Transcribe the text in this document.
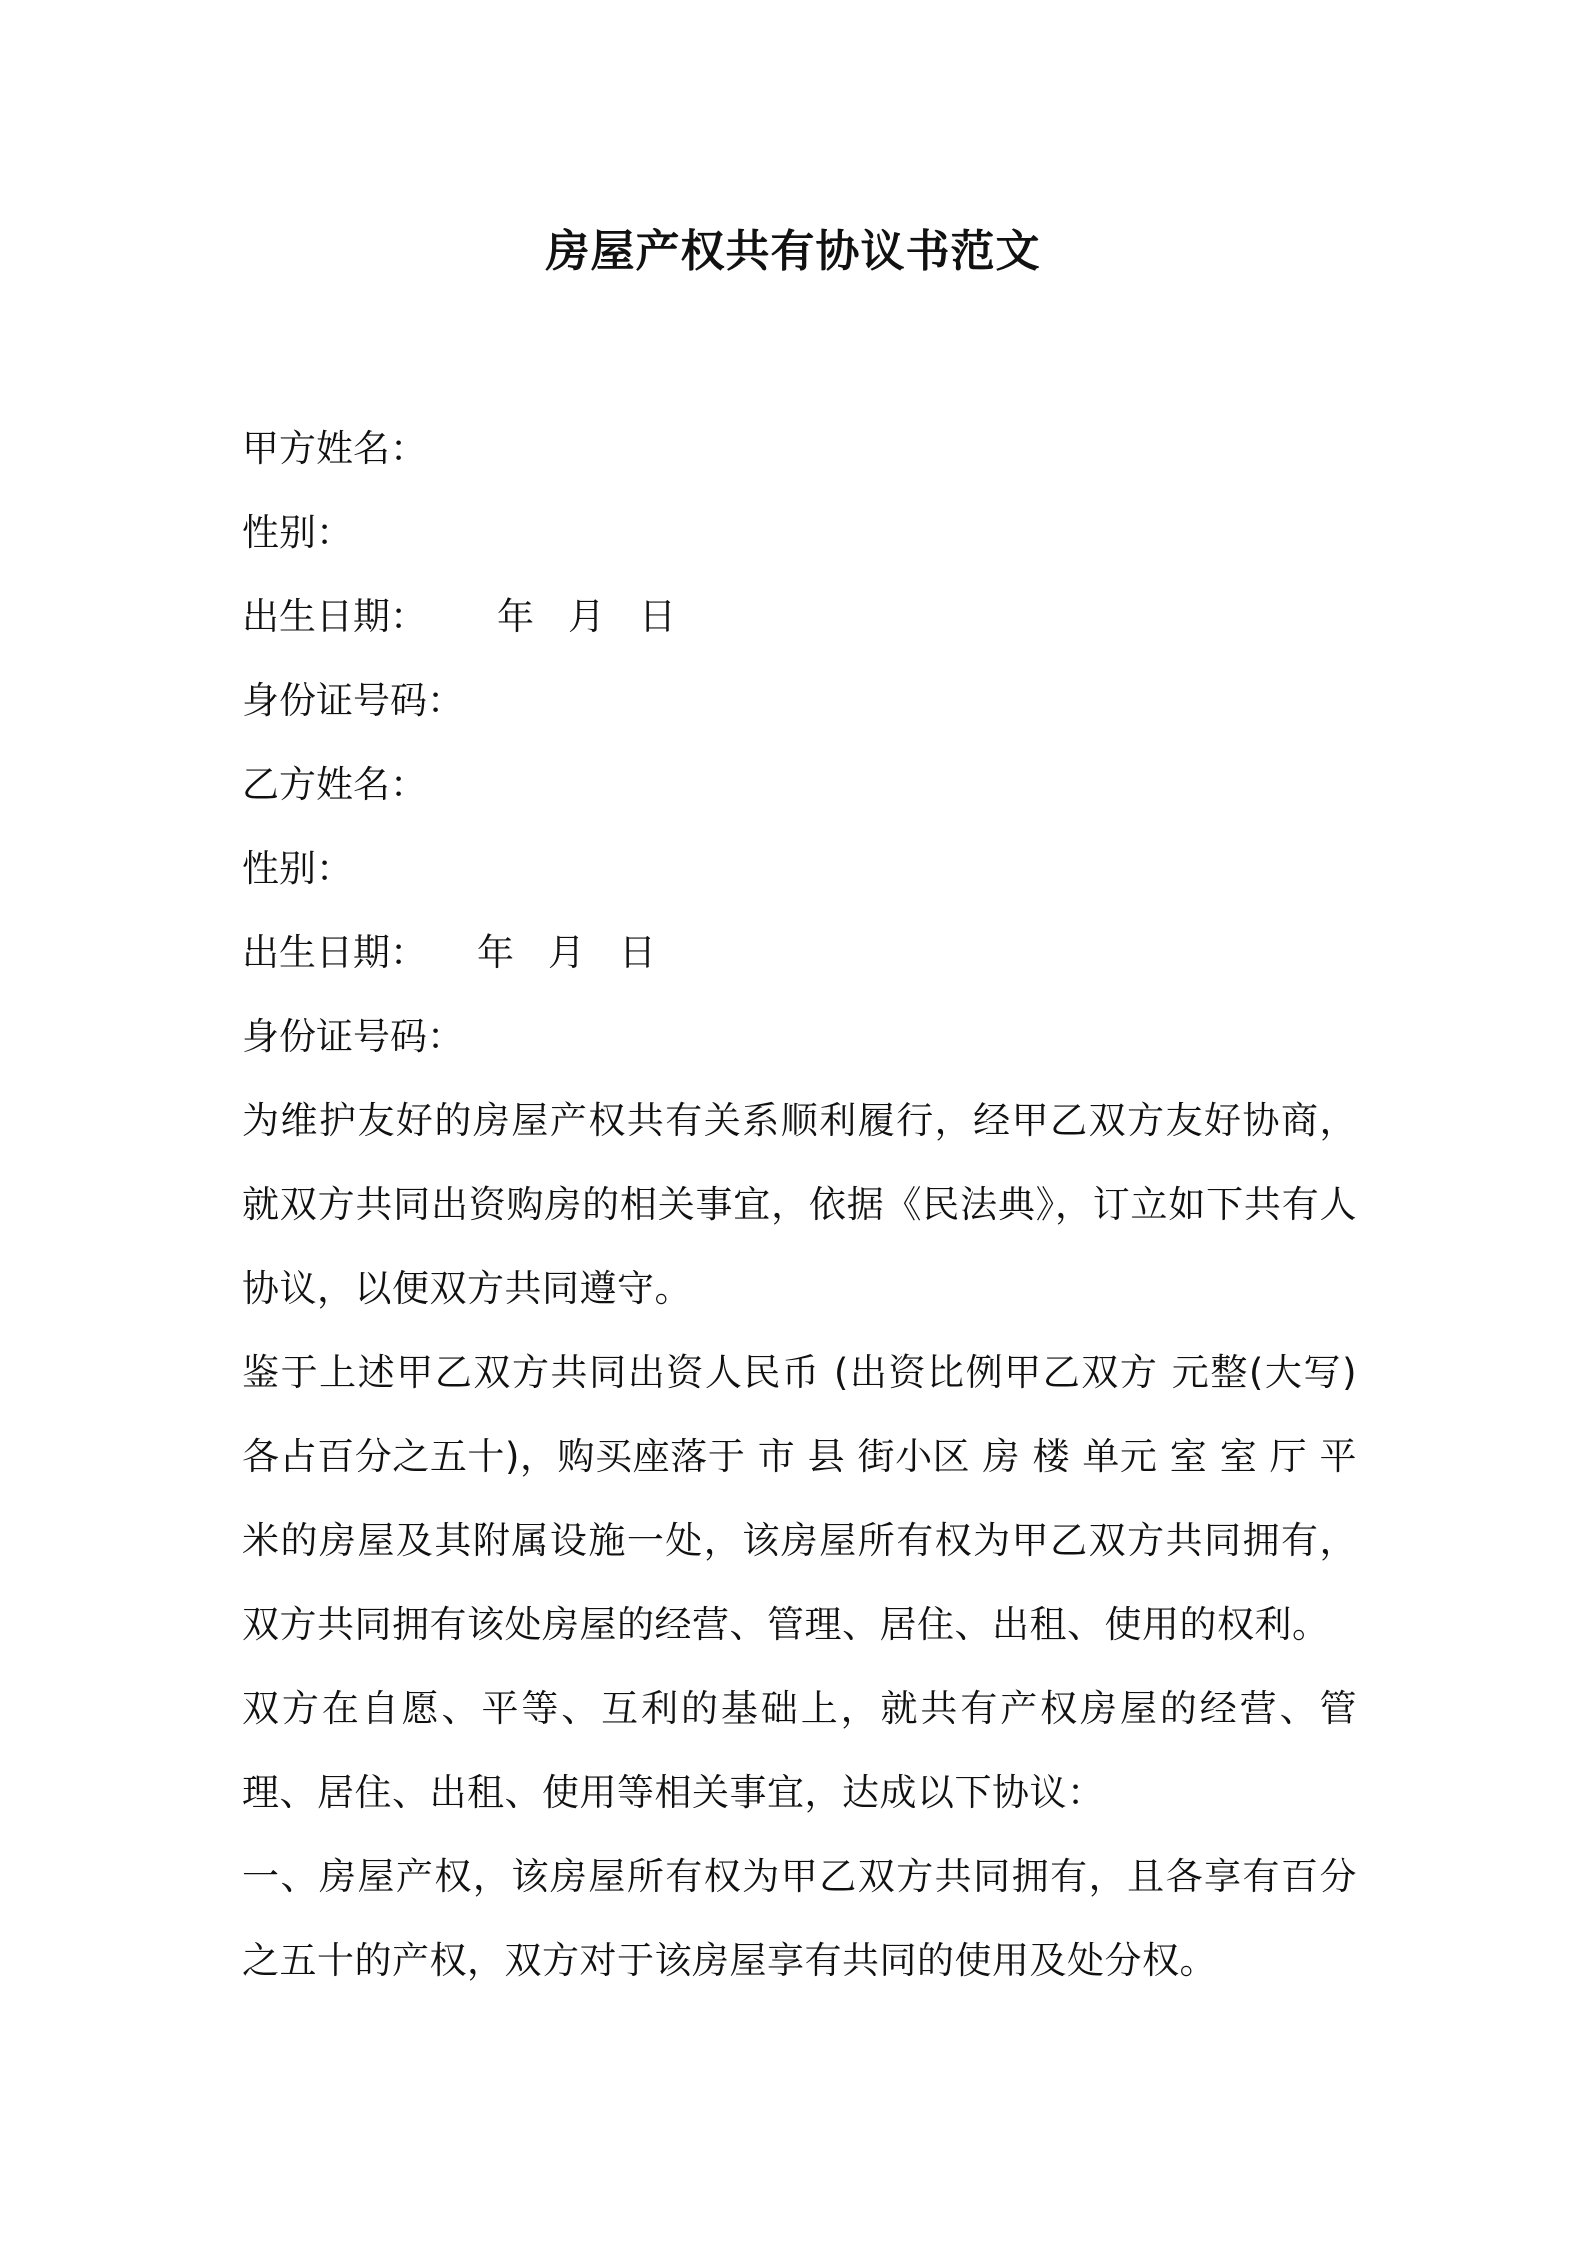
房屋产权共有协议书范文
甲方姓名：
性别：
出生日期： 年 月 日
身份证号码：
乙方姓名：
性别：
出生日期： 年 月 日
身份证号码：

为维护友好的房屋产权共有关系顺利履行，经甲乙双方友好协商，就双方共同出资购房的相关事宜，依据《民法典》，订立如下共有人协议，以便双方共同遵守。

鉴于上述甲乙双方共同出资人民币 (出资比例甲乙双方 元整(大写)各占百分之五十)，购买座落于 市 县 街小区 房 楼 单元 室 室 厅 平米的房屋及其附属设施一处，该房屋所有权为甲乙双方共同拥有，双方共同拥有该处房屋的经营、管理、居住、出租、使用的权利。

双方在自愿、平等、互利的基础上，就共有产权房屋的经营、管理、居住、出租、使用等相关事宜，达成以下协议：

一、房屋产权，该房屋所有权为甲乙双方共同拥有，且各享有百分之五十的产权，双方对于该房屋享有共同的使用及处分权。
